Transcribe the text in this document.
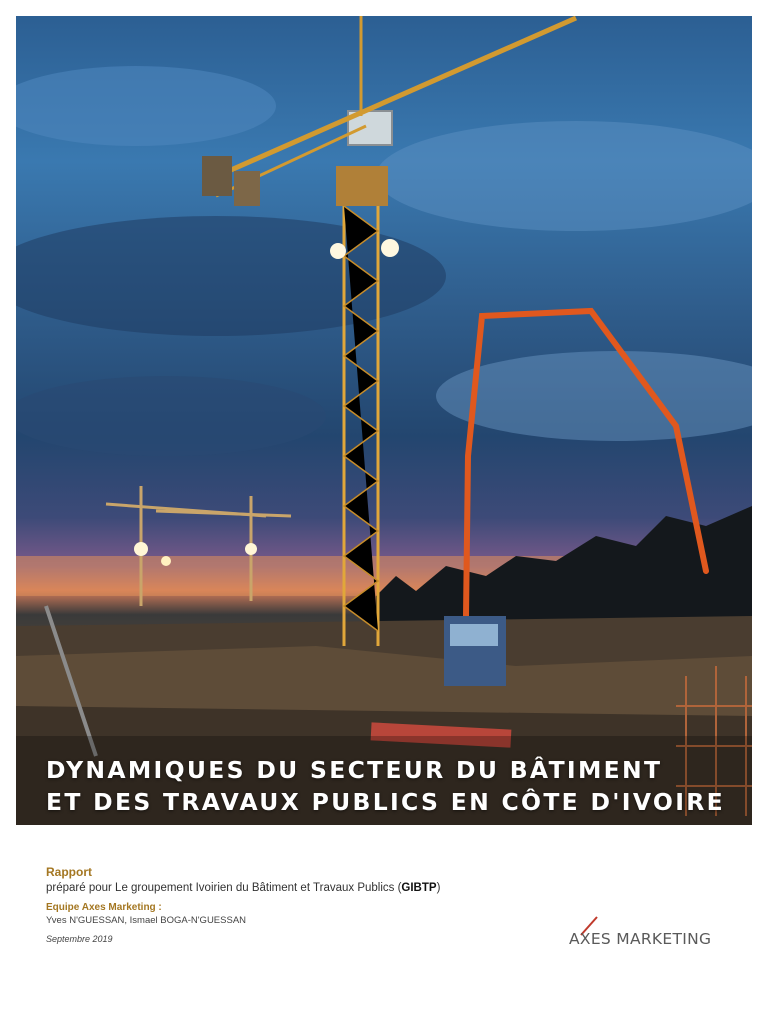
DYNAMIQUES DU SECTEUR DU BÂTIMENT
ET DES TRAVAUX PUBLICS EN CÔTE D'IVOIRE
Rapport
préparé pour Le groupement Ivoirien du Bâtiment et Travaux Publics (GIBTP)
Equipe Axes Marketing :
Yves N'GUESSAN, Ismael BOGA-N'GUESSAN
Septembre 2019	AXES MARKETING
